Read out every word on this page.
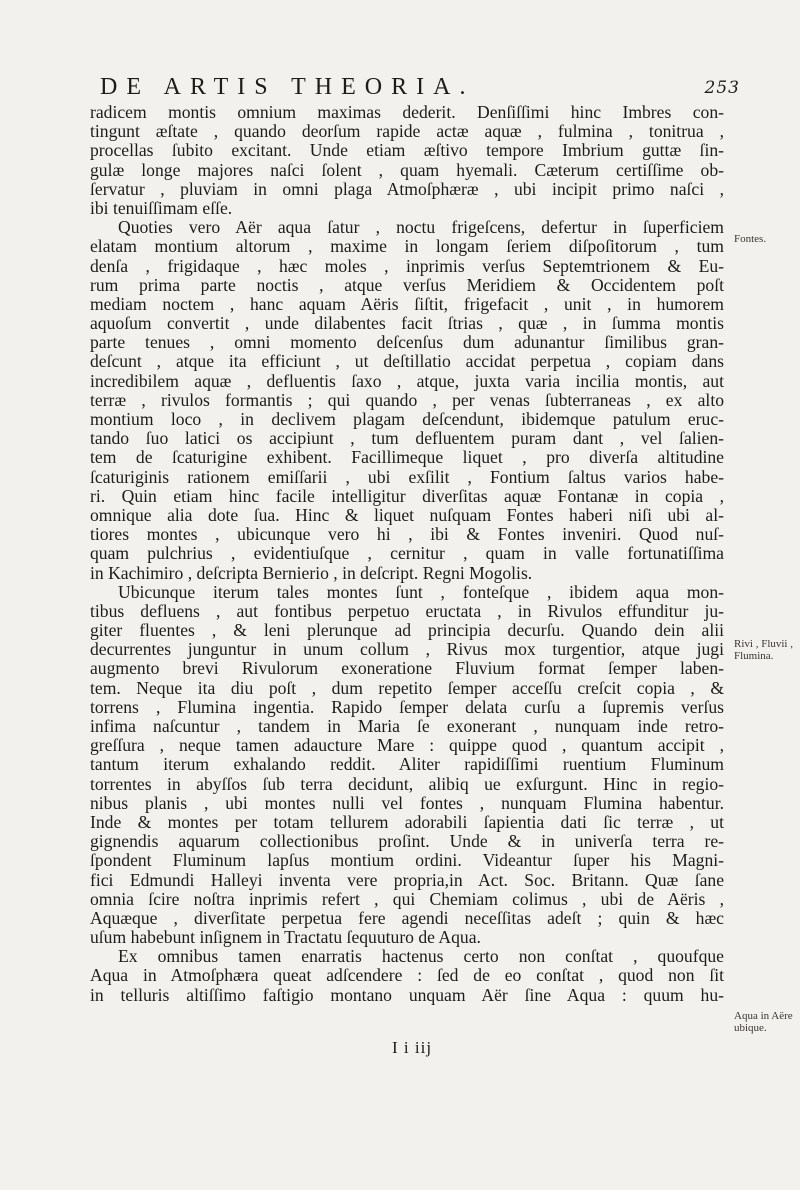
DE ARTIS THEORIA.	253

radicem montis omnium maximas dederit. Denſiſſimi hinc Imbres con-
tingunt æſtate , quando deorſum rapide actæ aquæ , fulmina , tonitrua ,
procellas ſubito excitant. Unde etiam æſtivo tempore Imbrium guttæ ſin-
gulæ longe majores naſci ſolent , quam hyemali. Cæterum certiſſime ob-
ſervatur , pluviam in omni plaga Atmoſphæræ , ubi incipit primo naſci ,
ibi tenuiſſimam eſſe.

Quoties vero Aër aqua ſatur , noctu frigeſcens, defertur in ſuperficiem
elatam montium altorum , maxime in longam ſeriem diſpoſitorum , tum
denſa , frigidaque , hæc moles , inprimis verſus Septemtrionem & Eu-
rum prima parte noctis , atque verſus Meridiem & Occidentem poſt
mediam noctem , hanc aquam Aëris ſiſtit, frigefacit , unit , in humorem
aquoſum convertit , unde dilabentes facit ſtrias , quæ , in ſumma montis
parte tenues , omni momento deſcenſus dum adunantur ſimilibus gran-
deſcunt , atque ita efficiunt , ut deſtillatio accidat perpetua , copiam dans
incredibilem aquæ , defluentis ſaxo , atque, juxta varia incilia montis, aut
terræ , rivulos formantis ; qui quando , per venas ſubterraneas , ex alto
montium loco , in declivem plagam deſcendunt, ibidemque patulum eruc-
tando ſuo latici os accipiunt , tum defluentem puram dant , vel ſalien-
tem de ſcaturigine exhibent. Facillimeque liquet , pro diverſa altitudine
ſcaturiginis rationem emiſſarii , ubi exſilit , Fontium ſaltus varios habe-
ri. Quin etiam hinc facile intelligitur diverſitas aquæ Fontanæ in copia ,
omnique alia dote ſua. Hinc & liquet nuſquam Fontes haberi niſi ubi al-
tiores montes , ubicunque vero hi , ibi & Fontes inveniri. Quod nuſ-
quam pulchrius , evidentiuſque , cernitur , quam in valle fortunatiſſima
in Kachimiro , deſcripta Bernierio , in deſcript. Regni Mogolis.

Ubicunque iterum tales montes ſunt , fonteſque , ibidem aqua mon-
tibus defluens , aut fontibus perpetuo eructata , in Rivulos effunditur ju-
giter fluentes , & leni plerunque ad principia decurſu. Quando dein alii
decurrentes junguntur in unum collum , Rivus mox turgentior, atque jugi
augmento brevi Rivulorum exoneratione Fluvium format ſemper laben-
tem. Neque ita diu poſt , dum repetito ſemper acceſſu creſcit copia , &
torrens , Flumina ingentia. Rapido ſemper delata curſu a ſupremis verſus
infima naſcuntur , tandem in Maria ſe exonerant , nunquam inde retro-
greſſura , neque tamen adaucture Mare : quippe quod , quantum accipit ,
tantum iterum exhalando reddit. Aliter rapidiſſimi ruentium Fluminum
torrentes in abyſſos ſub terra decidunt, alibiq ue exſurgunt. Hinc in regio-
nibus planis , ubi montes nulli vel fontes , nunquam Flumina habentur.
Inde & montes per totam tellurem adorabili ſapientia dati ſic terræ , ut
gignendis aquarum collectionibus proſint. Unde & in univerſa terra re-
ſpondent Fluminum lapſus montium ordini. Videantur ſuper his Magni-
fici Edmundi Halleyi inventa vere propria,in Act. Soc. Britann. Quæ ſane
omnia ſcire noſtra inprimis refert , qui Chemiam colimus , ubi de Aëris ,
Aquæque , diverſitate perpetua fere agendi neceſſitas adeſt ; quin & hæc
uſum habebunt inſignem in Tractatu ſequuturo de Aqua.

Ex omnibus tamen enarratis hactenus certo non conſtat , quoufque
Aqua in Atmoſphæra queat adſcendere : ſed de eo conſtat , quod non ſit
in telluris altiſſimo faſtigio montano unquam Aër ſine Aqua : quum hu-

Fontes.
Rivi , Fluvii ,
Flumina.
Aqua in Aëre
ubique.
I i iij
